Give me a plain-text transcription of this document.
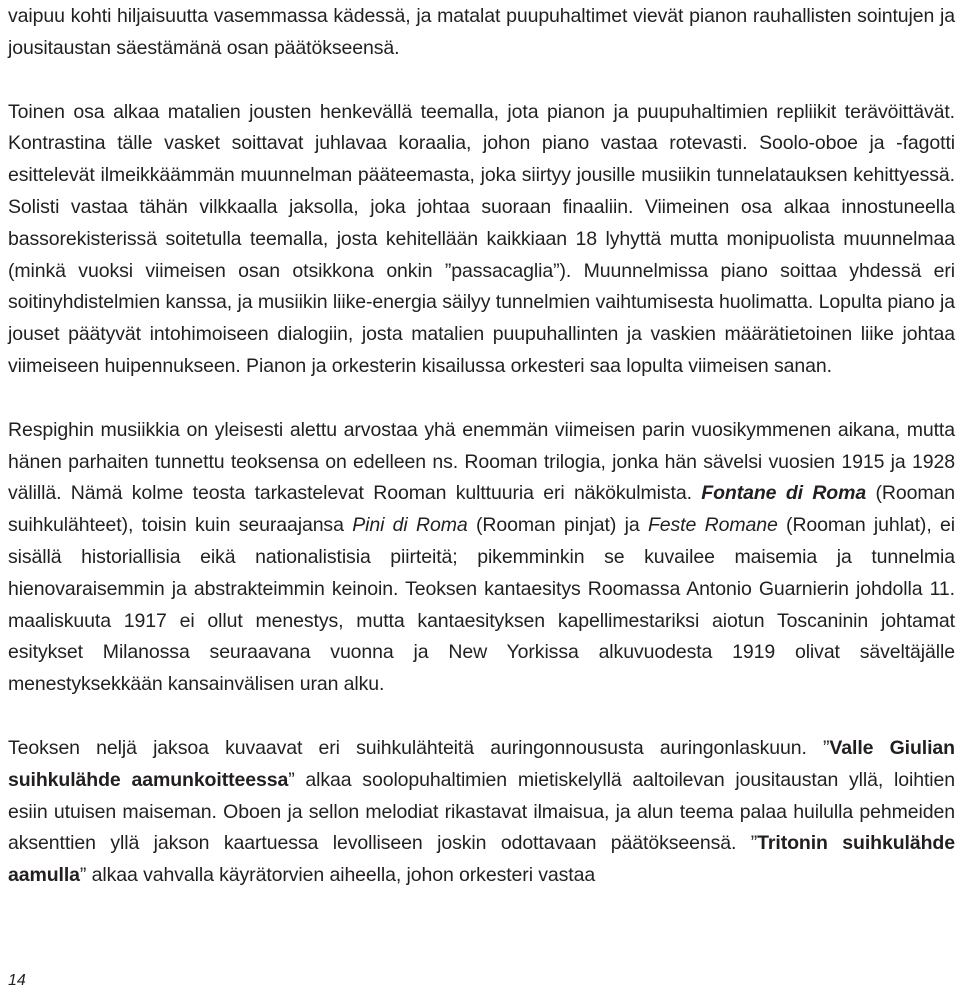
vaipuu kohti hiljaisuutta vasemmassa kädessä, ja matalat puupuhaltimet vievät pianon rauhallisten sointujen ja jousitaustan säestämänä osan päätökseensä.

Toinen osa alkaa matalien jousten henkevällä teemalla, jota pianon ja puupuhaltimien repliikit terävöittävät. Kontrastina tälle vasket soittavat juhlavaa koraalia, johon piano vastaa rotevasti. Soolo-oboe ja -fagotti esittelevät ilmeikkäämmän muunnelman pääteemasta, joka siirtyy jousille musiikin tunnelatauksen kehittyessä. Solisti vastaa tähän vilkkaalla jaksolla, joka johtaa suoraan finaaliin. Viimeinen osa alkaa innostuneella bassorekisterissä soitetulla teemalla, josta kehitellään kaikkiaan 18 lyhyttä mutta monipuolista muunnelmaa (minkä vuoksi viimeisen osan otsikkona onkin ”passacaglia”). Muunnelmissa piano soittaa yhdessä eri soitinyhdistelmien kanssa, ja musiikin liike-energia säilyy tunnelmien vaihtumisesta huolimatta. Lopulta piano ja jouset päätyvät intohimoiseen dialogiin, josta matalien puupuhallinten ja vaskien määrätietoinen liike johtaa viimeiseen huipennukseen. Pianon ja orkesterin kisailussa orkesteri saa lopulta viimeisen sanan.

Respighin musiikkia on yleisesti alettu arvostaa yhä enemmän viimeisen parin vuosikymmenen aikana, mutta hänen parhaiten tunnettu teoksensa on edelleen ns. Rooman trilogia, jonka hän sävelsi vuosien 1915 ja 1928 välillä. Nämä kolme teosta tarkastelevat Rooman kulttuuria eri näkökulmista. Fontane di Roma (Rooman suihkulähteet), toisin kuin seuraajansa Pini di Roma (Rooman pinjat) ja Feste Romane (Rooman juhlat), ei sisällä historiallisia eikä nationalistisia piirteitä; pikemminkin se kuvailee maisemia ja tunnelmia hienovaraisemmin ja abstrakteimmin keinoin. Teoksen kantaesitys Roomassa Antonio Guarnierin johdolla 11. maaliskuuta 1917 ei ollut menestys, mutta kantaesityksen kapellimestariksi aiotun Toscaninin johtamat esitykset Milanossa seuraavana vuonna ja New Yorkissa alkuvuodesta 1919 olivat säveltäjälle menestyksekkään kansainvälisen uran alku.

Teoksen neljä jaksoa kuvaavat eri suihkulähteitä auringonnoususta auringonlaskuun. ”Valle Giulian suihkulähde aamunkoitteessa” alkaa soolopuhaltimien mietiskelyllä aaltoilevan jousitaustan yllä, loihtien esiin utuisen maiseman. Oboen ja sellon melodiat rikastavat ilmaisua, ja alun teema palaa huilulla pehmeiden aksenttien yllä jakson kaartuessa levolliseen joskin odottavaan päätökseensä. ”Tritonin suihkulähde aamulla” alkaa vahvalla käyrätorvien aiheella, johon orkesteri vastaa

14
